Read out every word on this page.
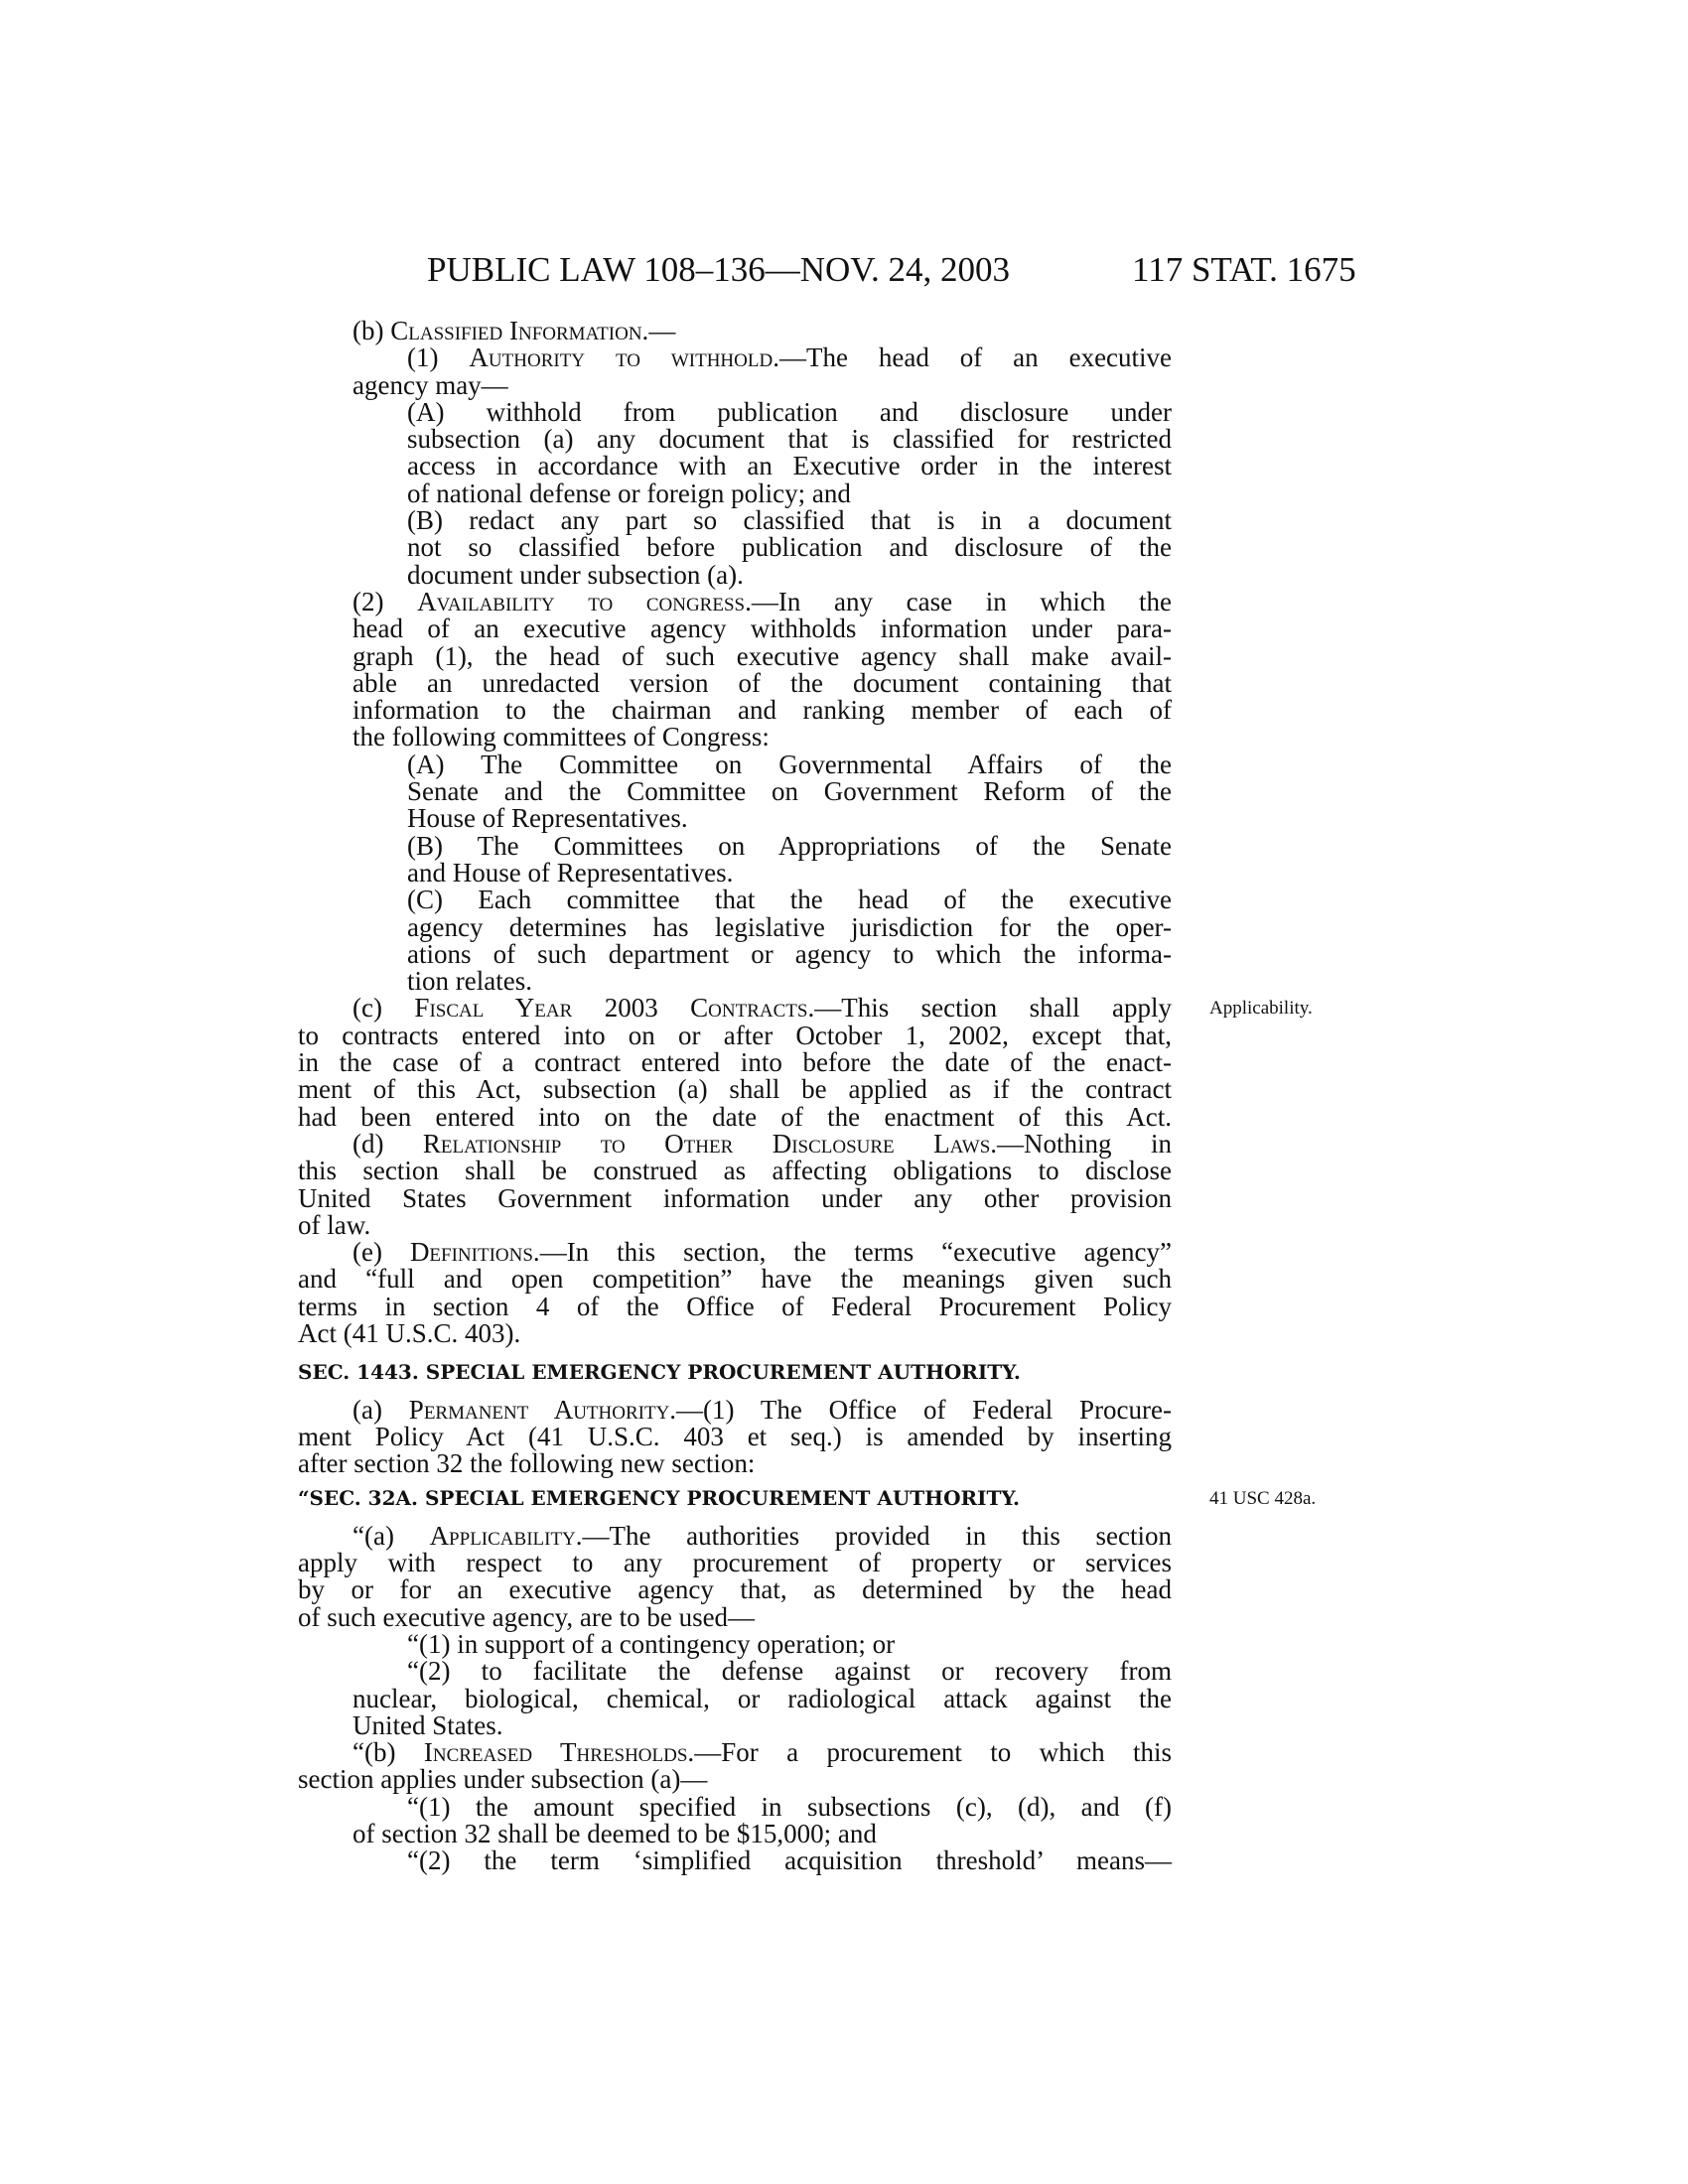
PUBLIC LAW 108–136—NOV. 24, 2003	117 STAT. 1675
(b) Classified Information.—
(1) Authority to withhold.—The head of an executive
agency may—
(A) withhold from publication and disclosure under
subsection (a) any document that is classified for restricted
access in accordance with an Executive order in the interest
of national defense or foreign policy; and
(B) redact any part so classified that is in a document
not so classified before publication and disclosure of the
document under subsection (a).
(2) Availability to congress.—In any case in which the
head of an executive agency withholds information under para-
graph (1), the head of such executive agency shall make avail-
able an unredacted version of the document containing that
information to the chairman and ranking member of each of
the following committees of Congress:
(A) The Committee on Governmental Affairs of the
Senate and the Committee on Government Reform of the
House of Representatives.
(B) The Committees on Appropriations of the Senate
and House of Representatives.
(C) Each committee that the head of the executive
agency determines has legislative jurisdiction for the oper-
ations of such department or agency to which the informa-
tion relates.
(c) Fiscal Year 2003 Contracts.—This section shall apply
to contracts entered into on or after October 1, 2002, except that,
in the case of a contract entered into before the date of the enact-
ment of this Act, subsection (a) shall be applied as if the contract
had been entered into on the date of the enactment of this Act.
(d) Relationship to Other Disclosure Laws.—Nothing in
this section shall be construed as affecting obligations to disclose
United States Government information under any other provision
of law.
(e) Definitions.—In this section, the terms “executive agency”
and “full and open competition” have the meanings given such
terms in section 4 of the Office of Federal Procurement Policy
Act (41 U.S.C. 403).
SEC. 1443. SPECIAL EMERGENCY PROCUREMENT AUTHORITY.
(a) Permanent Authority.—(1) The Office of Federal Procure-
ment Policy Act (41 U.S.C. 403 et seq.) is amended by inserting
after section 32 the following new section:
“SEC. 32A. SPECIAL EMERGENCY PROCUREMENT AUTHORITY.
“(a) Applicability.—The authorities provided in this section
apply with respect to any procurement of property or services
by or for an executive agency that, as determined by the head
of such executive agency, are to be used—
“(1) in support of a contingency operation; or
“(2) to facilitate the defense against or recovery from
nuclear, biological, chemical, or radiological attack against the
United States.
“(b) Increased Thresholds.—For a procurement to which this
section applies under subsection (a)—
“(1) the amount specified in subsections (c), (d), and (f)
of section 32 shall be deemed to be $15,000; and
“(2) the term ‘simplified acquisition threshold’ means—
Applicability.
41 USC 428a.
